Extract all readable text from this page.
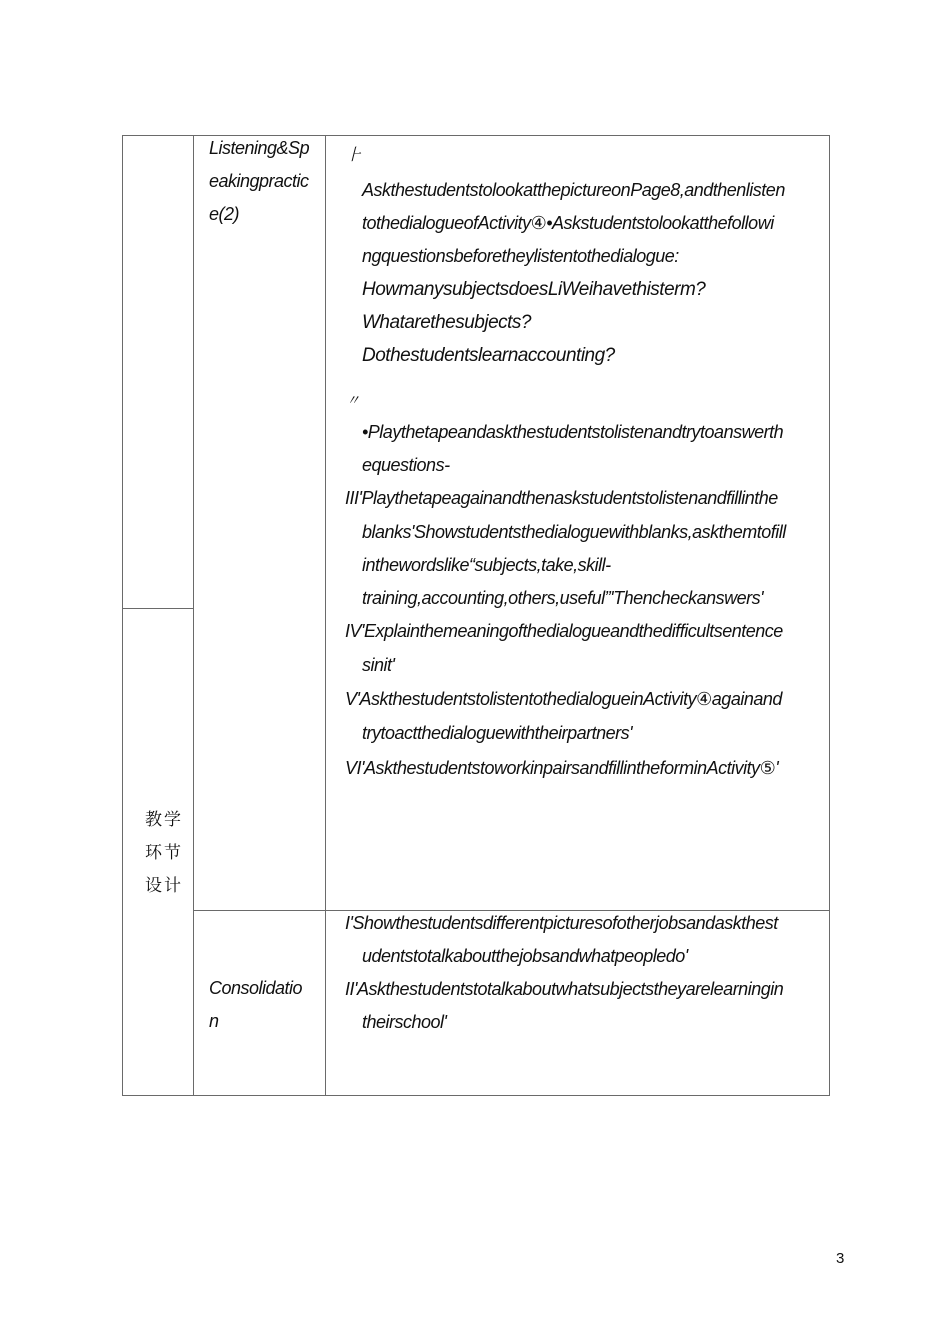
教学
环节
设计
Listening&Sp
eakingpractic
e(2)
⺊
AskthestudentstolookatthepictureonPage8,andthenlisten
tothedialogueofActivity④•Askstudentstolookatthefollowi
ngquestionsbeforetheylistentothedialogue:
HowmanysubjectsdoesLiWeihavethisterm?
Whatarethesubjects?
Dothestudentslearnaccounting?
〃
•Playthetapeandaskthestudentstolistenandtrytoanswerth
equestions-
III'Playthetapeagainandthenaskstudentstolistenandfillinthe
blanks'Showstudentsthedialoguewithblanks,askthemtofill
inthewordslike“subjects,take,skill-
training,accounting,others,useful”'Thencheckanswers'
IV'Explainthemeaningofthedialogueandthedifficultsentence
sinit'
V'AskthestudentstolistentothedialogueinActivity④againand
trytoactthedialoguewiththeirpartners'
VI'AskthestudentstoworkinpairsandfillintheforminActivity⑤'
Consolidatio
n
I'Showthestudentsdifferentpicturesofotherjobsandaskthest
udentstotalkaboutthejobsandwhatpeopledo'
II'Askthestudentstotalkaboutwhatsubjectstheyarelearningin
theirschool'
3
